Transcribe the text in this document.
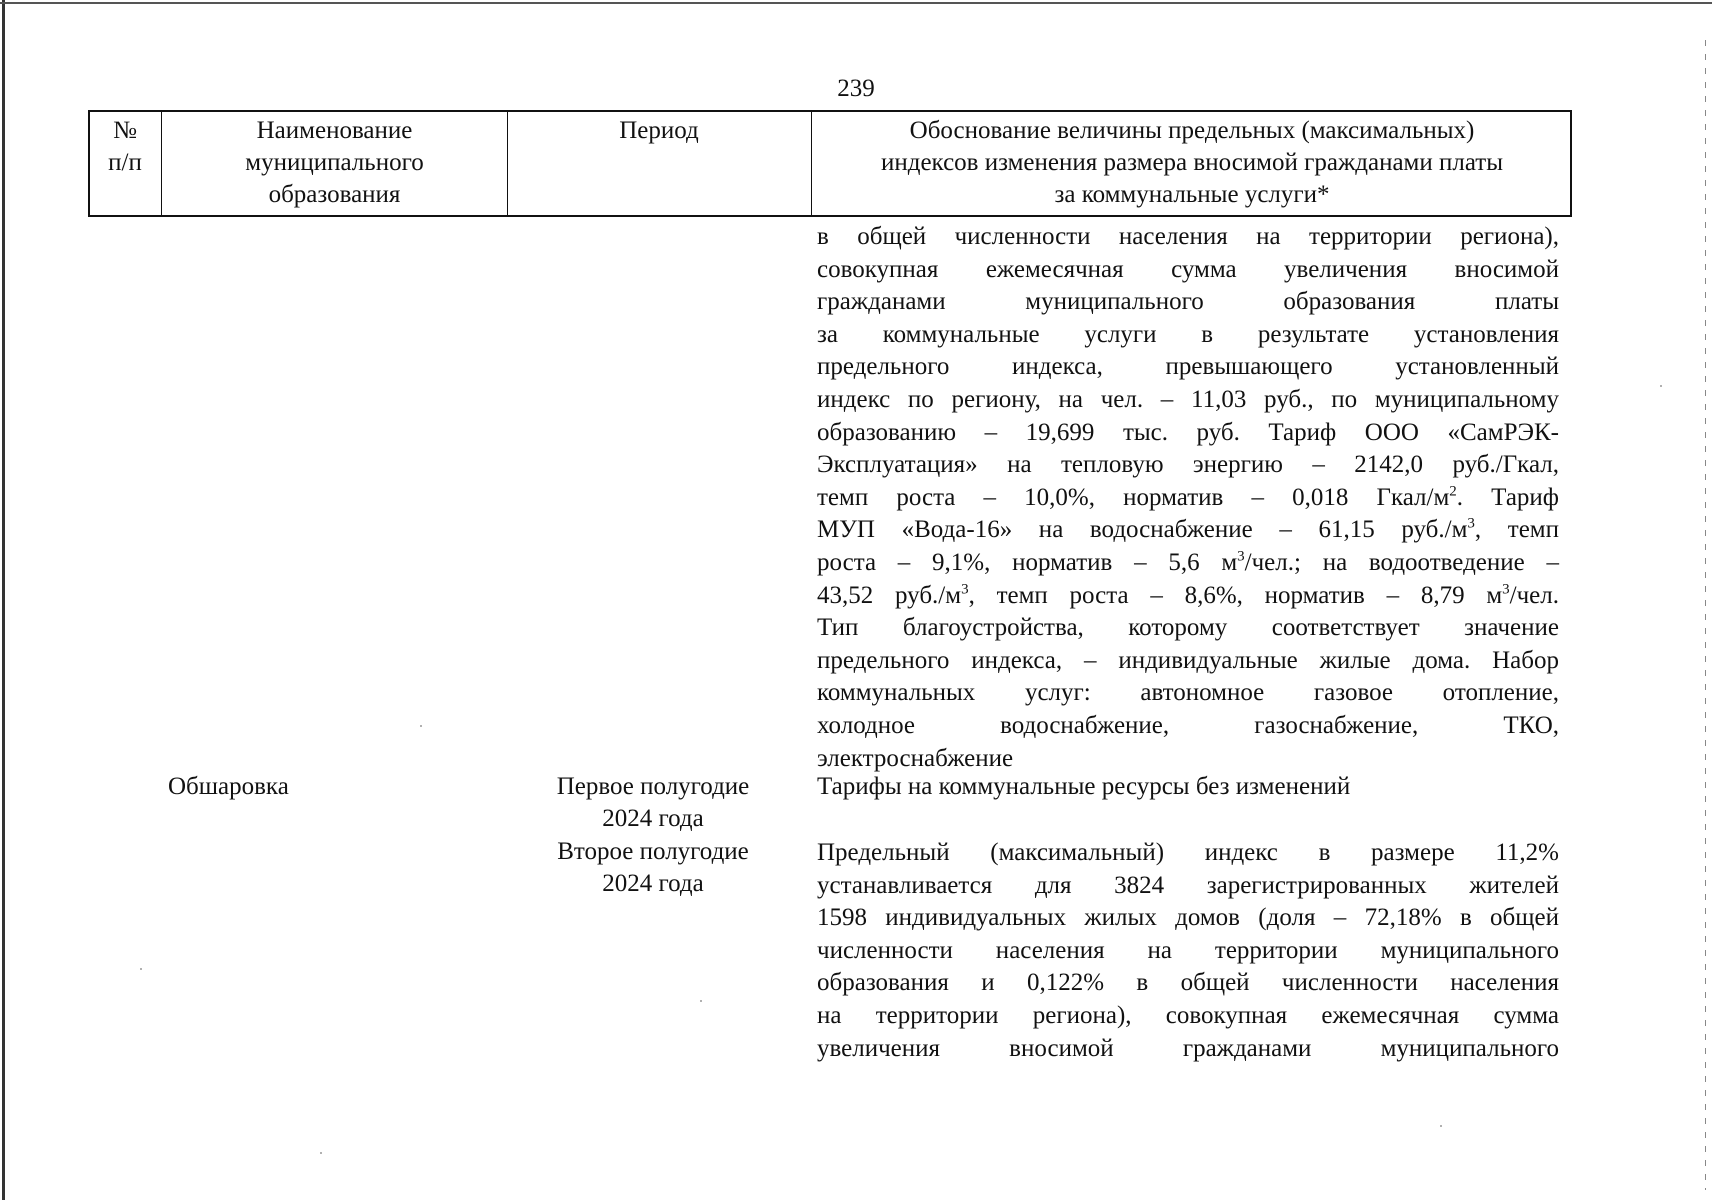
239
№
п/п
Наименование
муниципального
образования
Период	Обоснование величины предельных (максимальных)
индексов изменения размера вносимой гражданами платы
за коммунальные услуги*
в общей численности населения на территории региона),
совокупная ежемесячная сумма увеличения вносимой
гражданами муниципального образования платы
за коммунальные услуги в результате установления
предельного индекса, превышающего установленный
индекс по региону, на чел. – 11,03 руб., по муниципальному
образованию – 19,699 тыс. руб. Тариф ООО «СамРЭК-
Эксплуатация» на тепловую энергию – 2142,0 руб./Гкал,
темп роста – 10,0%, норматив – 0,018 Гкал/$м^2$. Тариф
МУП «Вода-16» на водоснабжение – 61,15 $руб./м^3$, темп
роста – 9,1%, норматив – 5,6 $м^3$/чел.; на водоотведение –
43,52 $руб./м^3$, темп роста – 8,6%, норматив – 8,79 $м^3$/чел.
Тип благоустройства, которому соответствует значение
предельного индекса, – индивидуальные жилые дома. Набор
коммунальных услуг: автономное газовое отопление,
холодное водоснабжение, газоснабжение, ТКО,
электроснабжение
Обшаровка	Первое полугодие
2024 года
Тарифы на коммунальные ресурсы без изменений
Второе полугодие
2024 года
Предельный (максимальный) индекс в размере 11,2%
устанавливается для 3824 зарегистрированных жителей
1598 индивидуальных жилых домов (доля – 72,18% в общей
численности населения на территории муниципального
образования и 0,122% в общей численности населения
на территории региона), совокупная ежемесячная сумма
увеличения вносимой гражданами муниципального
